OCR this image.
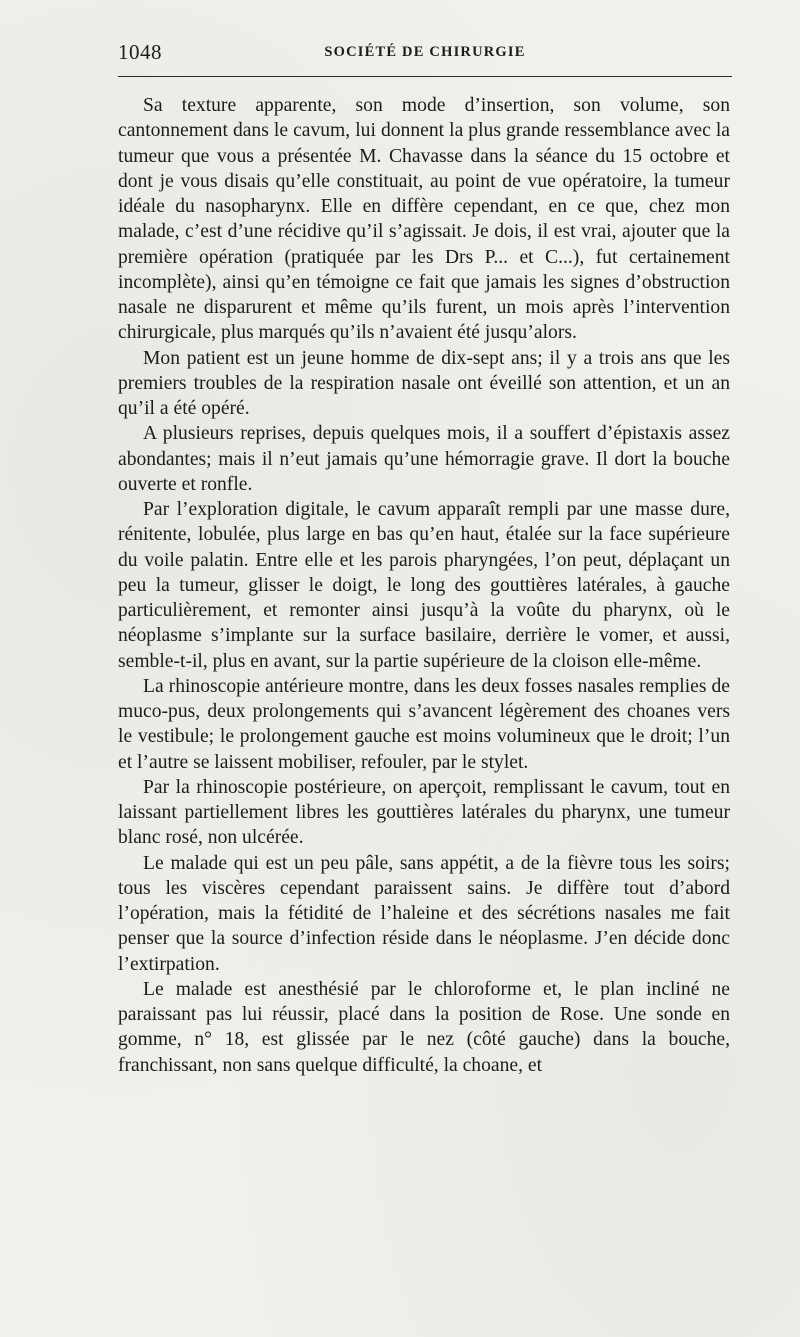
1048	SOCIÉTÉ DE CHIRURGIE

Sa texture apparente, son mode d’insertion, son volume, son cantonnement dans le cavum, lui donnent la plus grande ressemblance avec la tumeur que vous a présentée M. Chavasse dans la séance du 15 octobre et dont je vous disais qu’elle constituait, au point de vue opératoire, la tumeur idéale du nasopharynx. Elle en diffère cependant, en ce que, chez mon malade, c’est d’une récidive qu’il s’agissait. Je dois, il est vrai, ajouter que la première opération (pratiquée par les Drs P... et C...), fut certainement incomplète), ainsi qu’en témoigne ce fait que jamais les signes d’obstruction nasale ne disparurent et même qu’ils furent, un mois après l’intervention chirurgicale, plus marqués qu’ils n’avaient été jusqu’alors.

Mon patient est un jeune homme de dix-sept ans; il y a trois ans que les premiers troubles de la respiration nasale ont éveillé son attention, et un an qu’il a été opéré.

A plusieurs reprises, depuis quelques mois, il a souffert d’épistaxis assez abondantes; mais il n’eut jamais qu’une hémorragie grave. Il dort la bouche ouverte et ronfle.

Par l’exploration digitale, le cavum apparaît rempli par une masse dure, rénitente, lobulée, plus large en bas qu’en haut, étalée sur la face supérieure du voile palatin. Entre elle et les parois pharyngées, l’on peut, déplaçant un peu la tumeur, glisser le doigt, le long des gouttières latérales, à gauche particulièrement, et remonter ainsi jusqu’à la voûte du pharynx, où le néoplasme s’implante sur la surface basilaire, derrière le vomer, et aussi, semble-t-il, plus en avant, sur la partie supérieure de la cloison elle-même.

La rhinoscopie antérieure montre, dans les deux fosses nasales remplies de muco-pus, deux prolongements qui s’avancent légèrement des choanes vers le vestibule; le prolongement gauche est moins volumineux que le droit; l’un et l’autre se laissent mobiliser, refouler, par le stylet.

Par la rhinoscopie postérieure, on aperçoit, remplissant le cavum, tout en laissant partiellement libres les gouttières latérales du pharynx, une tumeur blanc rosé, non ulcérée.

Le malade qui est un peu pâle, sans appétit, a de la fièvre tous les soirs; tous les viscères cependant paraissent sains. Je diffère tout d’abord l’opération, mais la fétidité de l’haleine et des sécrétions nasales me fait penser que la source d’infection réside dans le néoplasme. J’en décide donc l’extirpation.

Le malade est anesthésié par le chloroforme et, le plan incliné ne paraissant pas lui réussir, placé dans la position de Rose. Une sonde en gomme, n° 18, est glissée par le nez (côté gauche) dans la bouche, franchissant, non sans quelque difficulté, la choane, et
